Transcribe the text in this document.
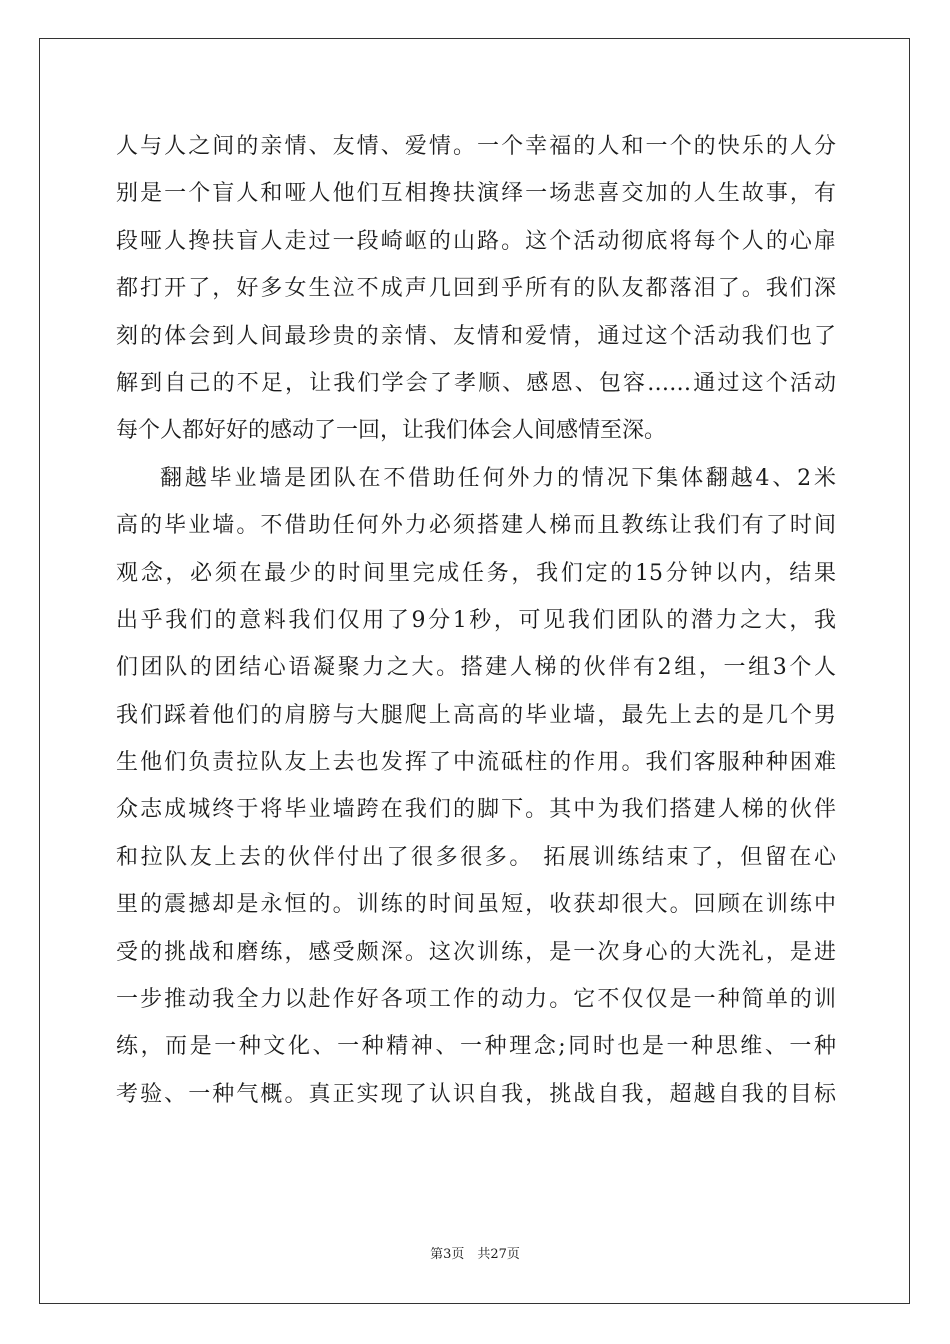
人与人之间的亲情、友情、爱情。一个幸福的人和一个的快乐的人分
别是一个盲人和哑人他们互相搀扶演绎一场悲喜交加的人生故事，有
段哑人搀扶盲人走过一段崎岖的山路。这个活动彻底将每个人的心扉
都打开了，好多女生泣不成声几回到乎所有的队友都落泪了。我们深
刻的体会到人间最珍贵的亲情、友情和爱情，通过这个活动我们也了
解到自己的不足，让我们学会了孝顺、感恩、包容……通过这个活动
每个人都好好的感动了一回，让我们体会人间感情至深。
翻越毕业墙是团队在不借助任何外力的情况下集体翻越4、2米
高的毕业墙。不借助任何外力必须搭建人梯而且教练让我们有了时间
观念，必须在最少的时间里完成任务，我们定的15分钟以内，结果
出乎我们的意料我们仅用了9分1秒，可见我们团队的潜力之大，我
们团队的团结心语凝聚力之大。搭建人梯的伙伴有2组，一组3个人
我们踩着他们的肩膀与大腿爬上高高的毕业墙，最先上去的是几个男
生他们负责拉队友上去也发挥了中流砥柱的作用。我们客服种种困难
众志成城终于将毕业墙跨在我们的脚下。其中为我们搭建人梯的伙伴
和拉队友上去的伙伴付出了很多很多。 拓展训练结束了，但留在心
里的震撼却是永恒的。训练的时间虽短，收获却很大。回顾在训练中
受的挑战和磨练，感受颇深。这次训练，是一次身心的大洗礼，是进
一步推动我全力以赴作好各项工作的动力。它不仅仅是一种简单的训
练，而是一种文化、一种精神、一种理念;同时也是一种思维、一种
考验、一种气概。真正实现了认识自我，挑战自我，超越自我的目标
第3页　共27页
